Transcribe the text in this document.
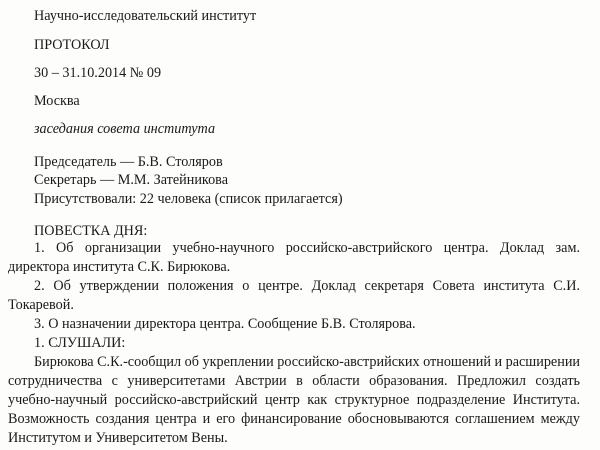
Научно-исследовательский институт
ПРОТОКОЛ
30 – 31.10.2014 № 09
Москва
заседания совета института
Председатель — Б.В. Столяров
Секретарь — М.М. Затейникова
Присутствовали: 22 человека (список прилагается)
ПОВЕСТКА ДНЯ:

1. Об организации учебно-научного российско-австрийского центра. Доклад зам. директора института С.К. Бирюкова.

2. Об утверждении положения о центре. Доклад секретаря Совета института С.И. Токаревой.

3. О назначении директора центра. Сообщение Б.В. Столярова.

1. СЛУШАЛИ:

Бирюкова С.К.-сообщил об укреплении российско-австрийских отношений и расширении сотрудничества с университетами Австрии в области образования. Предложил создать учебно-научный российско-австрийский центр как структурное подразделение Института. Возможность создания центра и его финансирование обосновываются соглашением между Институтом и Университетом Вены.
